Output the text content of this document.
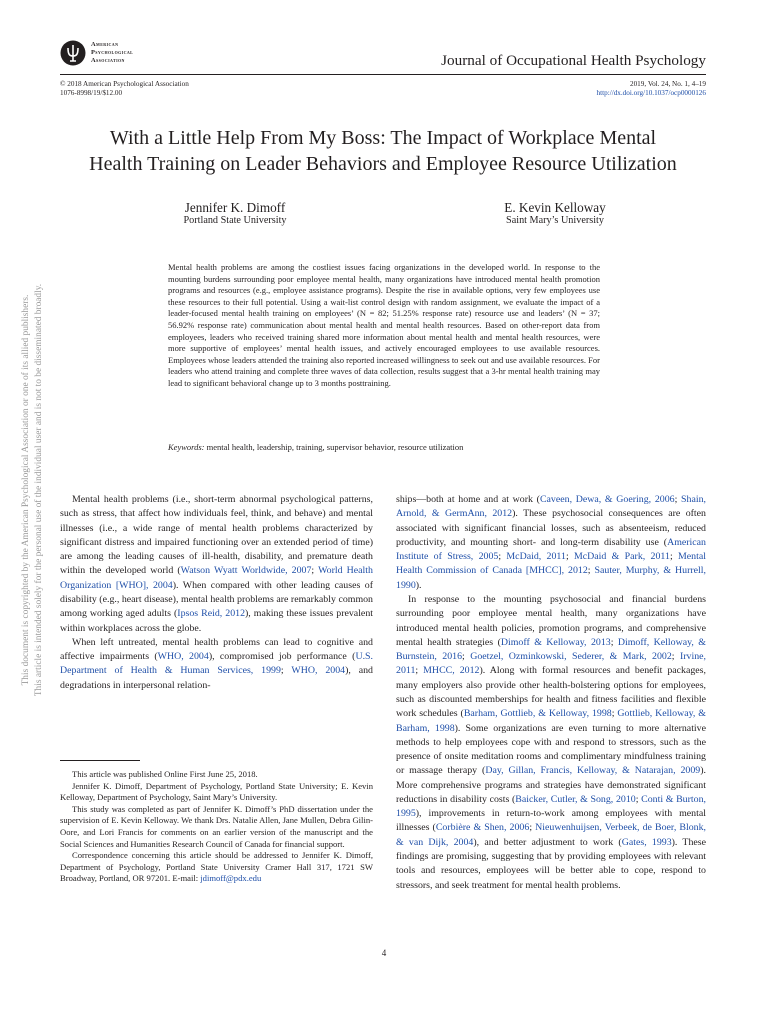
American
Psychological
Association	Journal of Occupational Health Psychology
© 2018 American Psychological Association
1076-8998/19/$12.00
2019, Vol. 24, No. 1, 4–19
http://dx.doi.org/10.1037/ocp0000126
With a Little Help From My Boss: The Impact of Workplace Mental
Health Training on Leader Behaviors and Employee Resource Utilization
Jennifer K. Dimoff
Portland State University
E. Kevin Kelloway
Saint Mary’s University
Mental health problems are among the costliest issues facing organizations in the developed world. In response to the mounting burdens surrounding poor employee mental health, many organizations have introduced mental health promotion programs and resources (e.g., employee assistance programs). Despite the rise in available options, very few employees use these resources to their full potential. Using a wait-list control design with random assignment, we evaluate the impact of a leader-focused mental health training on employees’ (N = 82; 51.25% response rate) resource use and leaders’ (N = 37; 56.92% response rate) communication about mental health and mental health resources. Based on other-report data from employees, leaders who received training shared more information about mental health and mental health resources, were more supportive of employees’ mental health issues, and actively encouraged employees to use available resources. Employees whose leaders attended the training also reported increased willingness to seek out and use available resources. For leaders who attend training and complete three waves of data collection, results suggest that a 3-hr mental health training may lead to significant behavioral change up to 3 months posttraining.
Keywords: mental health, leadership, training, supervisor behavior, resource utilization
This document is copyrighted by the American Psychological Association or one of its allied publishers. This article is intended solely for the personal use of the individual user and is not to be disseminated broadly.	Mental health problems (i.e., short-term abnormal psychological patterns, such as stress, that affect how individuals feel, think, and behave) and mental illnesses (i.e., a wide range of mental health problems characterized by significant distress and impaired functioning over an extended period of time) are among the leading causes of ill-health, disability, and premature death within the developed world (Watson Wyatt Worldwide, 2007; World Health Organization [WHO], 2004). When compared with other leading causes of disability (e.g., heart disease), mental health problems are remarkably common among working aged adults (Ipsos Reid, 2012), making these issues prevalent within workplaces across the globe.

When left untreated, mental health problems can lead to cognitive and affective impairments (WHO, 2004), compromised job performance (U.S. Department of Health & Human Services, 1999; WHO, 2004), and degradations in interpersonal relation-

This article was published Online First June 25, 2018.

Jennifer K. Dimoff, Department of Psychology, Portland State University; E. Kevin Kelloway, Department of Psychology, Saint Mary’s University.

This study was completed as part of Jennifer K. Dimoff’s PhD dissertation under the supervision of E. Kevin Kelloway. We thank Drs. Natalie Allen, Jane Mullen, Debra Gilin-Oore, and Lori Francis for comments on an earlier version of the manuscript and the Social Sciences and Humanities Research Council of Canada for financial support.

Correspondence concerning this article should be addressed to Jennifer K. Dimoff, Department of Psychology, Portland State University Cramer Hall 317, 1721 SW Broadway, Portland, OR 97201. E-mail: jdimoff@pdx.edu

ships—both at home and at work (Caveen, Dewa, & Goering, 2006; Shain, Arnold, & GermAnn, 2012). These psychosocial consequences are often associated with significant financial losses, such as absenteeism, reduced productivity, and mounting short- and long-term disability use (American Institute of Stress, 2005; McDaid, 2011; McDaid & Park, 2011; Mental Health Commission of Canada [MHCC], 2012; Sauter, Murphy, & Hurrell, 1990).

In response to the mounting psychosocial and financial burdens surrounding poor employee mental health, many organizations have introduced mental health policies, promotion programs, and comprehensive mental health strategies (Dimoff & Kelloway, 2013; Dimoff, Kelloway, & Burnstein, 2016; Goetzel, Ozminkowski, Sederer, & Mark, 2002; Irvine, 2011; MHCC, 2012). Along with formal resources and benefit packages, many employers also provide other health-bolstering options for employees, such as discounted memberships for health and fitness facilities and flexible work schedules (Barham, Gottlieb, & Kelloway, 1998; Gottlieb, Kelloway, & Barham, 1998). Some organizations are even turning to more alternative methods to help employees cope with and respond to stressors, such as the presence of onsite meditation rooms and complimentary mindfulness training or massage therapy (Day, Gillan, Francis, Kelloway, & Natarajan, 2009). More comprehensive programs and strategies have demonstrated significant reductions in disability costs (Baicker, Cutler, & Song, 2010; Conti & Burton, 1995), improvements in return-to-work among employees with mental illnesses (Corbière & Shen, 2006; Nieuwenhuijsen, Verbeek, de Boer, Blonk, & van Dijk, 2004), and better adjustment to work (Gates, 1993). These findings are promising, suggesting that by providing employees with relevant tools and resources, employees will be better able to cope, respond to stressors, and seek treatment for mental health problems.

4
